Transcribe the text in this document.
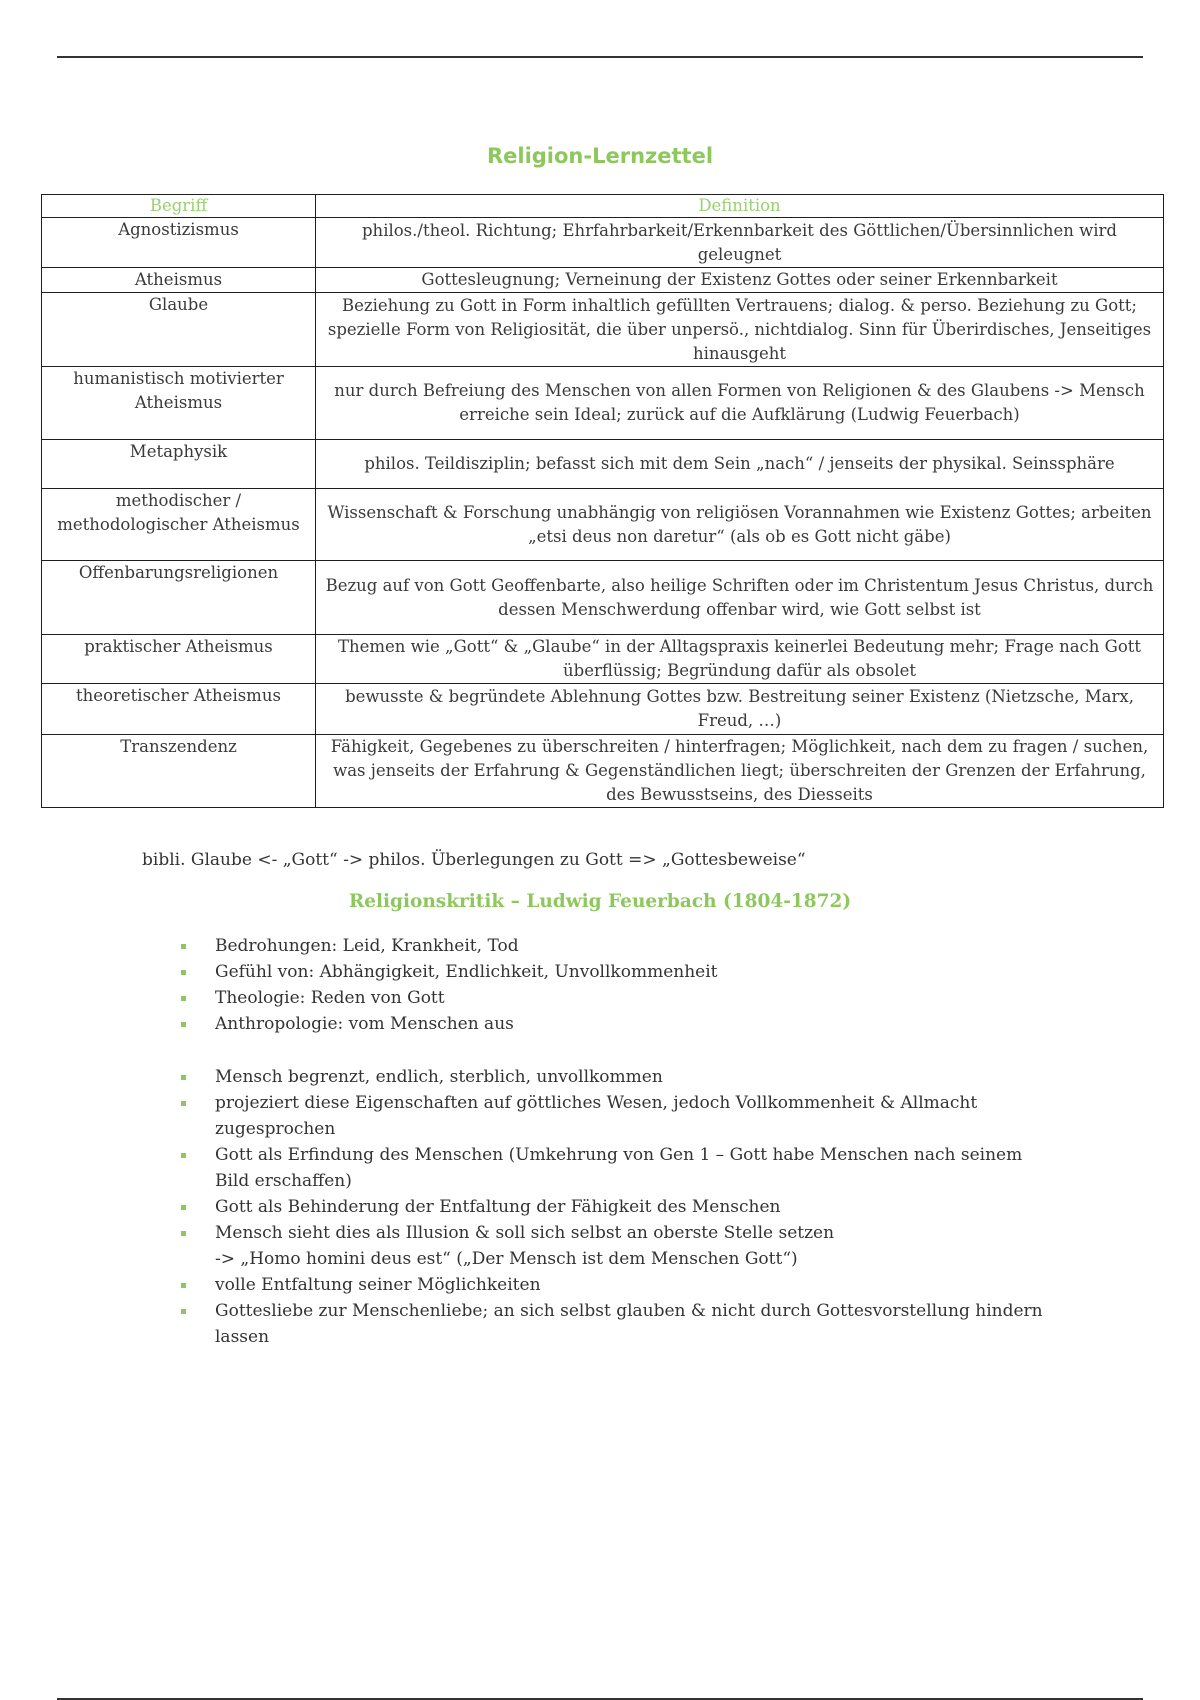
Religion-Lernzettel
Begriff	Definition
Agnostizismus	philos./theol. Richtung; Ehrfahrbarkeit/Erkennbarkeit des Göttlichen/Übersinnlichen wird geleugnet
Atheismus	Gottesleugnung; Verneinung der Existenz Gottes oder seiner Erkennbarkeit
Glaube	Beziehung zu Gott in Form inhaltlich gefüllten Vertrauens; dialog. & perso. Beziehung zu Gott; spezielle Form von Religiosität, die über unpersö., nichtdialog. Sinn für Überirdisches, Jenseitiges hinausgeht
humanistisch motivierter Atheismus	nur durch Befreiung des Menschen von allen Formen von Religionen & des Glaubens -> Mensch erreiche sein Ideal; zurück auf die Aufklärung (Ludwig Feuerbach)
Metaphysik	philos. Teildisziplin; befasst sich mit dem Sein „nach“ / jenseits der physikal. Seinssphäre
methodischer / methodologischer Atheismus	Wissenschaft & Forschung unabhängig von religiösen Vorannahmen wie Existenz Gottes; arbeiten „etsi deus non daretur“ (als ob es Gott nicht gäbe)
Offenbarungsreligionen	Bezug auf von Gott Geoffenbarte, also heilige Schriften oder im Christentum Jesus Christus, durch dessen Menschwerdung offenbar wird, wie Gott selbst ist
praktischer Atheismus	Themen wie „Gott“ & „Glaube“ in der Alltagspraxis keinerlei Bedeutung mehr; Frage nach Gott überflüssig; Begründung dafür als obsolet
theoretischer Atheismus	bewusste & begründete Ablehnung Gottes bzw. Bestreitung seiner Existenz (Nietzsche, Marx, Freud, …)
Transzendenz	Fähigkeit, Gegebenes zu überschreiten / hinterfragen; Möglichkeit, nach dem zu fragen / suchen, was jenseits der Erfahrung & Gegenständlichen liegt; überschreiten der Grenzen der Erfahrung, des Bewusstseins, des Diesseits
bibli. Glaube <- „Gott“ -> philos. Überlegungen zu Gott => „Gottesbeweise“
Religionskritik – Ludwig Feuerbach (1804-1872)
Bedrohungen: Leid, Krankheit, Tod
Gefühl von: Abhängigkeit, Endlichkeit, Unvollkommenheit
Theologie: Reden von Gott
Anthropologie: vom Menschen aus
Mensch begrenzt, endlich, sterblich, unvollkommen
projeziert diese Eigenschaften auf göttliches Wesen, jedoch Vollkommenheit & Allmacht zugesprochen
Gott als Erfindung des Menschen (Umkehrung von Gen 1 – Gott habe Menschen nach seinem Bild erschaffen)
Gott als Behinderung der Entfaltung der Fähigkeit des Menschen
Mensch sieht dies als Illusion & soll sich selbst an oberste Stelle setzen
-> „Homo homini deus est“ („Der Mensch ist dem Menschen Gott“)
volle Entfaltung seiner Möglichkeiten
Gottesliebe zur Menschenliebe; an sich selbst glauben & nicht durch Gottesvorstellung hindern lassen
